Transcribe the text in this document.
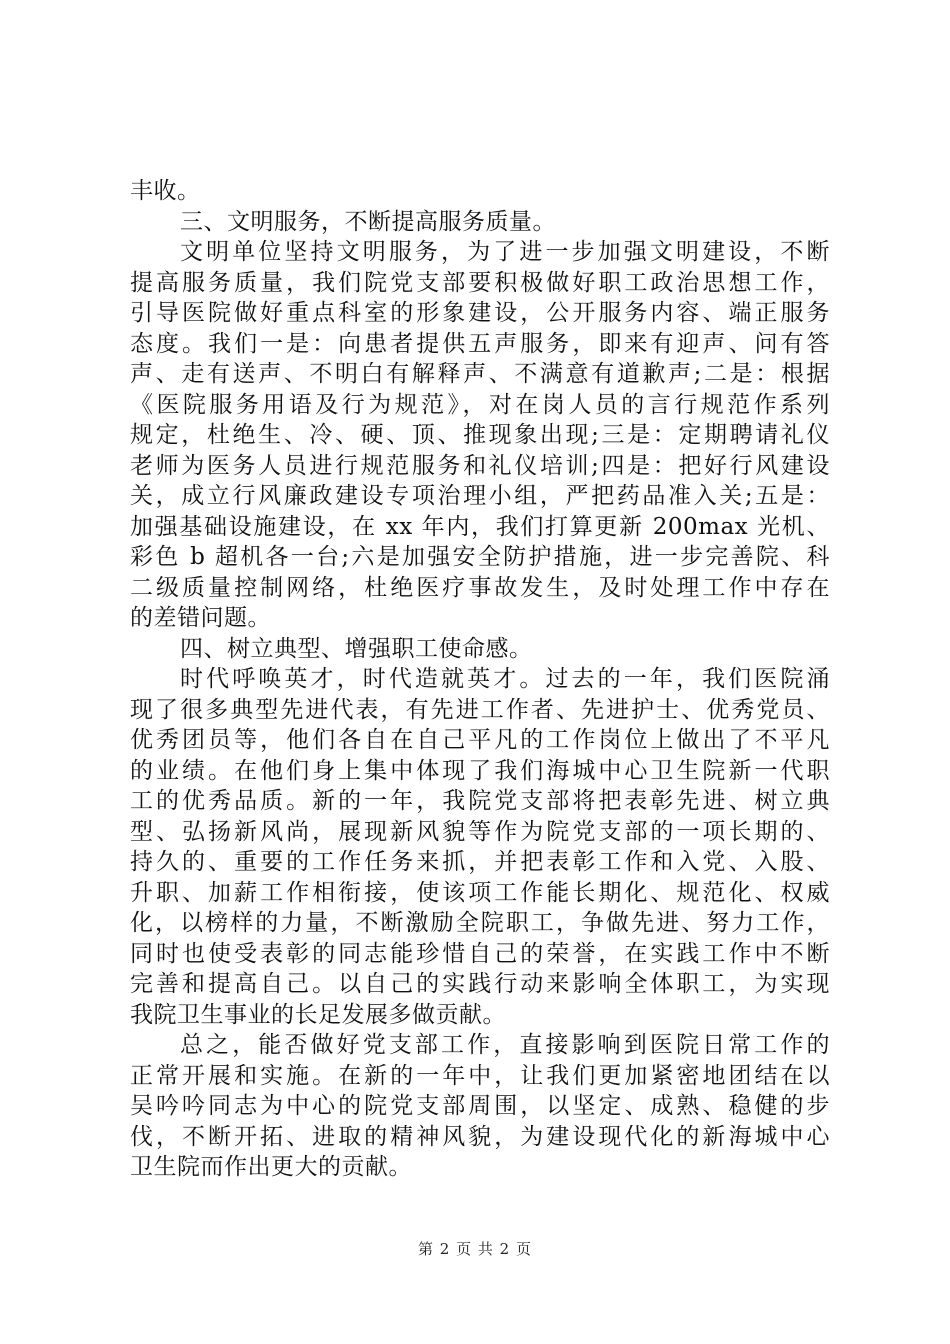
丰收。
三、文明服务，不断提高服务质量。
文明单位坚持文明服务，为了进一步加强文明建设，不断
提高服务质量，我们院党支部要积极做好职工政治思想工作，
引导医院做好重点科室的形象建设，公开服务内容、端正服务
态度。我们一是：向患者提供五声服务，即来有迎声、问有答
声、走有送声、不明白有解释声、不满意有道歉声;二是：根据
《医院服务用语及行为规范》，对在岗人员的言行规范作系列
规定，杜绝生、冷、硬、顶、推现象出现;三是：定期聘请礼仪
老师为医务人员进行规范服务和礼仪培训;四是：把好行风建设
关，成立行风廉政建设专项治理小组，严把药品准入关;五是：
加强基础设施建设，在 xx 年内，我们打算更新 200max 光机、
彩色 b 超机各一台;六是加强安全防护措施，进一步完善院、科
二级质量控制网络，杜绝医疗事故发生，及时处理工作中存在
的差错问题。
四、树立典型、增强职工使命感。
时代呼唤英才，时代造就英才。过去的一年，我们医院涌
现了很多典型先进代表，有先进工作者、先进护士、优秀党员、
优秀团员等，他们各自在自己平凡的工作岗位上做出了不平凡
的业绩。在他们身上集中体现了我们海城中心卫生院新一代职
工的优秀品质。新的一年，我院党支部将把表彰先进、树立典
型、弘扬新风尚，展现新风貌等作为院党支部的一项长期的、
持久的、重要的工作任务来抓，并把表彰工作和入党、入股、
升职、加薪工作相衔接，使该项工作能长期化、规范化、权威
化，以榜样的力量，不断激励全院职工，争做先进、努力工作，
同时也使受表彰的同志能珍惜自己的荣誉，在实践工作中不断
完善和提高自己。以自己的实践行动来影响全体职工，为实现
我院卫生事业的长足发展多做贡献。
总之，能否做好党支部工作，直接影响到医院日常工作的
正常开展和实施。在新的一年中，让我们更加紧密地团结在以
吴吟吟同志为中心的院党支部周围，以坚定、成熟、稳健的步
伐，不断开拓、进取的精神风貌，为建设现代化的新海城中心
卫生院而作出更大的贡献。
第 2 页 共 2 页
